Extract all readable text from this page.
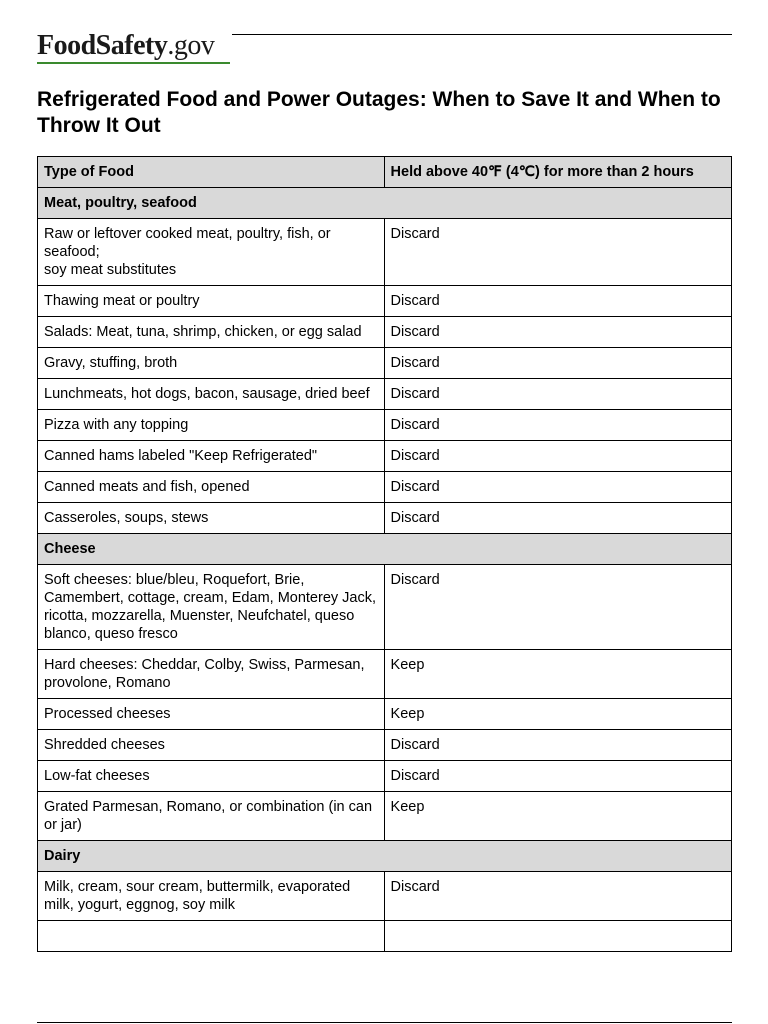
FoodSafety.gov
Refrigerated Food and Power Outages: When to Save It and When to Throw It Out
Type of Food	Held above 40℉ (4℃) for more than 2 hours
Meat, poultry, seafood	
Raw or leftover cooked meat, poultry, fish, or seafood;
soy meat substitutes	Discard
Thawing meat or poultry	Discard
Salads: Meat, tuna, shrimp, chicken, or egg salad	Discard
Gravy, stuffing, broth	Discard
Lunchmeats, hot dogs, bacon, sausage, dried beef	Discard
Pizza with any topping	Discard
Canned hams labeled "Keep Refrigerated"	Discard
Canned meats and fish, opened	Discard
Casseroles, soups, stews	Discard
Cheese	
Soft cheeses: blue/bleu, Roquefort, Brie, Camembert, cottage, cream, Edam, Monterey Jack, ricotta, mozzarella, Muenster, Neufchatel, queso blanco, queso fresco	Discard
Hard cheeses: Cheddar, Colby, Swiss, Parmesan, provolone, Romano	Keep
Processed cheeses	Keep
Shredded cheeses	Discard
Low-fat cheeses	Discard
Grated Parmesan, Romano, or combination (in can or jar)	Keep
Dairy	
Milk, cream, sour cream, buttermilk, evaporated milk, yogurt, eggnog, soy milk	Discard
